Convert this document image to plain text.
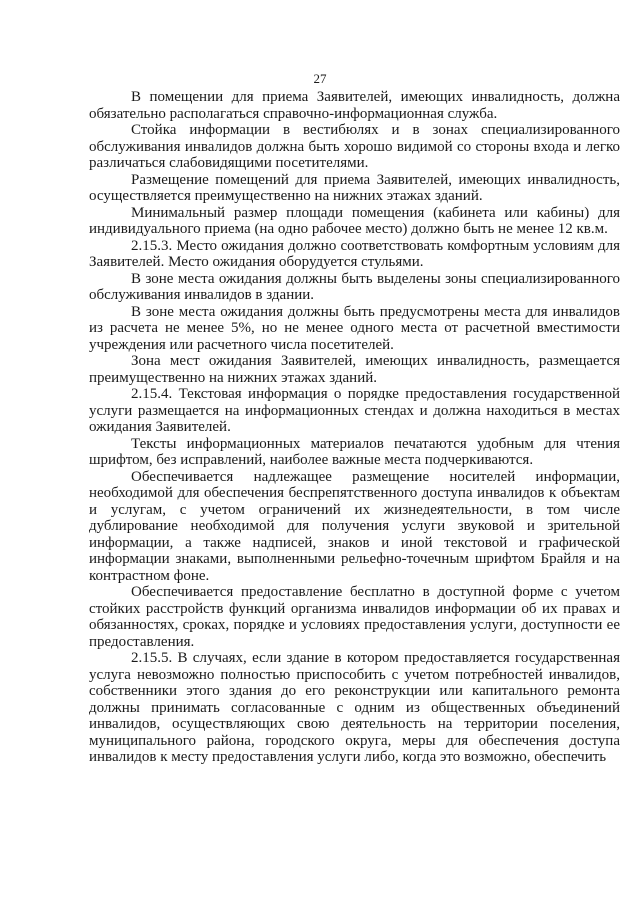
27

В помещении для приема Заявителей, имеющих инвалидность, должна обязательно располагаться справочно-информационная служба.

Стойка информации в вестибюлях и в зонах специализированного обслуживания инвалидов должна быть хорошо видимой со стороны входа и легко различаться слабовидящими посетителями.

Размещение помещений для приема Заявителей, имеющих инвалидность, осуществляется преимущественно на нижних этажах зданий.

Минимальный размер площади помещения (кабинета или кабины) для индивидуального приема (на одно рабочее место) должно быть не менее 12 кв.м.

2.15.3. Место ожидания должно соответствовать комфортным условиям для Заявителей. Место ожидания оборудуется стульями.

В зоне места ожидания должны быть выделены зоны специализированного обслуживания инвалидов в здании.

В зоне места ожидания должны быть предусмотрены места для инвалидов из расчета не менее 5%, но не менее одного места от расчетной вместимости учреждения или расчетного числа посетителей.

Зона мест ожидания Заявителей, имеющих инвалидность, размещается преимущественно на нижних этажах зданий.

2.15.4. Текстовая информация о порядке предоставления государственной услуги размещается на информационных стендах и должна находиться в местах ожидания Заявителей.

Тексты информационных материалов печатаются удобным для чтения шрифтом, без исправлений, наиболее важные места подчеркиваются.

Обеспечивается надлежащее размещение носителей информации, необходимой для обеспечения беспрепятственного доступа инвалидов к объектам и услугам, с учетом ограничений их жизнедеятельности, в том числе дублирование необходимой для получения услуги звуковой и зрительной информации, а также надписей, знаков и иной текстовой и графической информации знаками, выполненными рельефно-точечным шрифтом Брайля и на контрастном фоне.

Обеспечивается предоставление бесплатно в доступной форме с учетом стойких расстройств функций организма инвалидов информации об их правах и обязанностях, сроках, порядке и условиях предоставления услуги, доступности ее предоставления.

2.15.5. В случаях, если здание в котором предоставляется государственная услуга невозможно полностью приспособить с учетом потребностей инвалидов, собственники этого здания до его реконструкции или капитального ремонта должны принимать согласованные с одним из общественных объединений инвалидов, осуществляющих свою деятельность на территории поселения, муниципального района, городского округа, меры для обеспечения доступа инвалидов к месту предоставления услуги либо, когда это возможно, обеспечить
